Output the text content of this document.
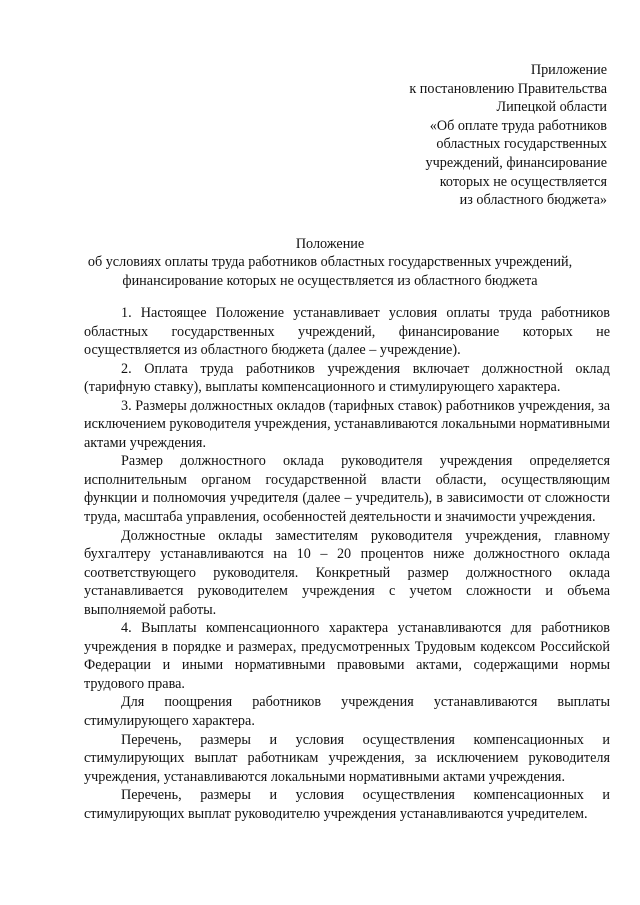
Приложение
к постановлению Правительства
Липецкой области
«Об оплате труда работников
областных государственных
учреждений, финансирование
которых не осуществляется
из областного бюджета»
Положение
об условиях оплаты труда работников областных государственных учреждений,
финансирование которых не осуществляется из областного бюджета

1. Настоящее Положение устанавливает условия оплаты труда работников областных государственных учреждений, финансирование которых не осуществляется из областного бюджета (далее – учреждение).

2. Оплата труда работников учреждения включает должностной оклад (тарифную ставку), выплаты компенсационного и стимулирующего характера.

3. Размеры должностных окладов (тарифных ставок) работников учреждения, за исключением руководителя учреждения, устанавливаются локальными нормативными актами учреждения.

Размер должностного оклада руководителя учреждения определяется исполнительным органом государственной власти области, осуществляющим функции и полномочия учредителя (далее – учредитель), в зависимости от сложности труда, масштаба управления, особенностей деятельности и значимости учреждения.

Должностные оклады заместителям руководителя учреждения, главному бухгалтеру устанавливаются на 10 – 20 процентов ниже должностного оклада соответствующего руководителя. Конкретный размер должностного оклада устанавливается руководителем учреждения с учетом сложности и объема выполняемой работы.

4. Выплаты компенсационного характера устанавливаются для работников учреждения в порядке и размерах, предусмотренных Трудовым кодексом Российской Федерации и иными нормативными правовыми актами, содержащими нормы трудового права.

Для поощрения работников учреждения устанавливаются выплаты стимулирующего характера.

Перечень, размеры и условия осуществления компенсационных и стимулирующих выплат работникам учреждения, за исключением руководителя учреждения, устанавливаются локальными нормативными актами учреждения.

Перечень, размеры и условия осуществления компенсационных и стимулирующих выплат руководителю учреждения устанавливаются учредителем.
